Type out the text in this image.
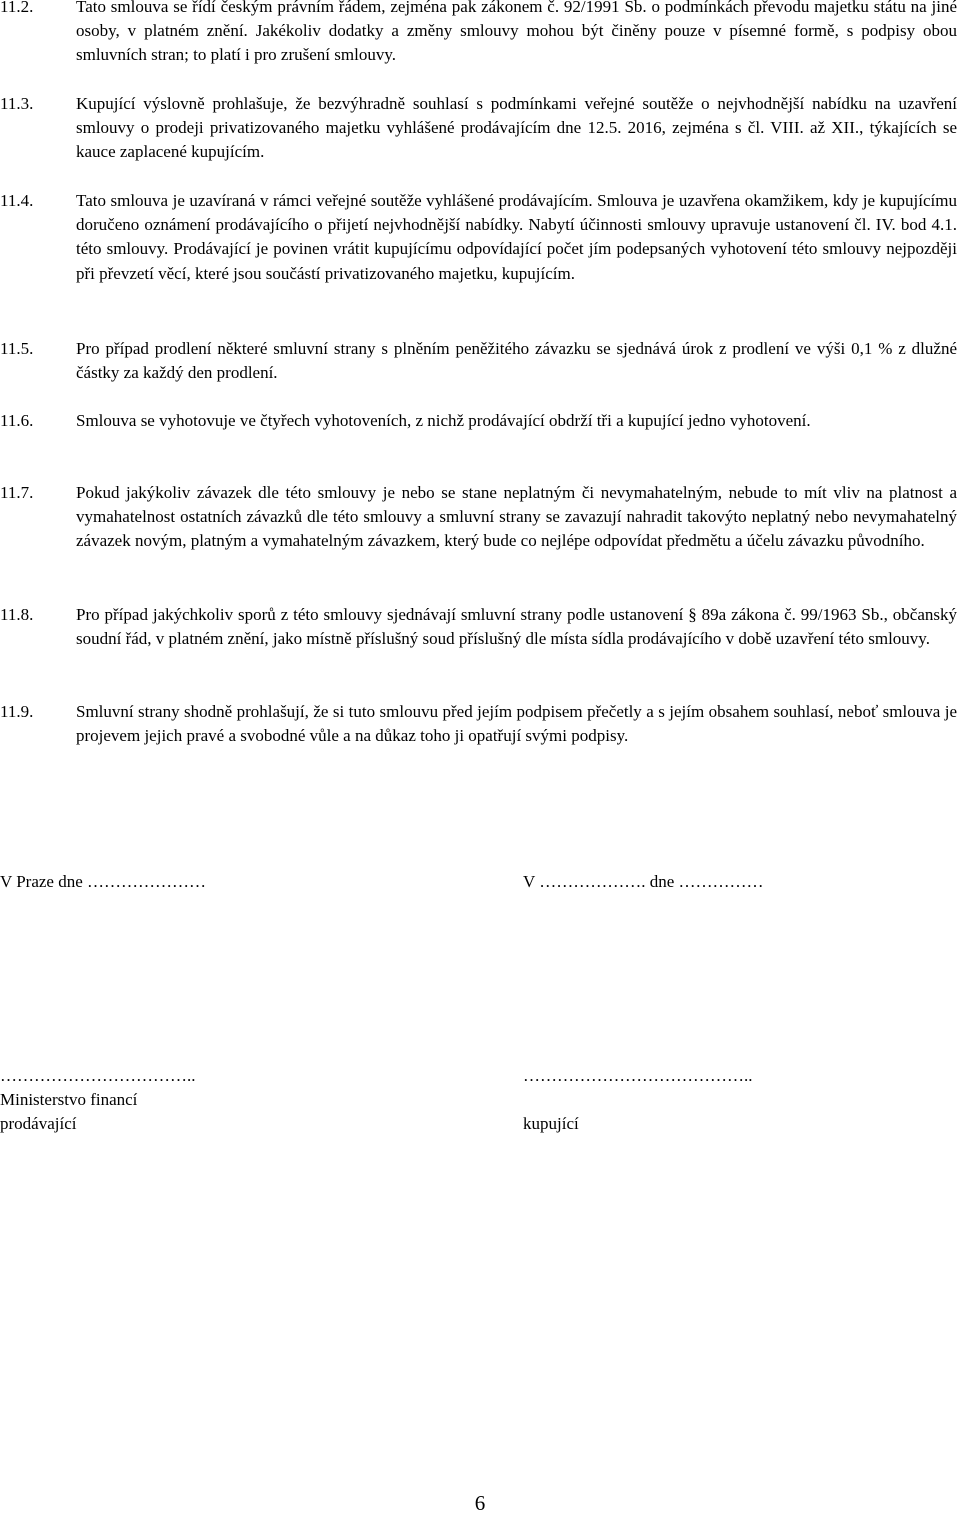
11.2.	Tato smlouva se řídí českým právním řádem, zejména pak zákonem č. 92/1991 Sb. o podmínkách převodu majetku státu na jiné osoby, v platném znění. Jakékoliv dodatky a změny smlouvy mohou být činěny pouze v písemné formě, s podpisy obou smluvních stran; to platí i pro zrušení smlouvy.
11.3.	Kupující výslovně prohlašuje, že bezvýhradně souhlasí s podmínkami veřejné soutěže o nejvhodnější nabídku na uzavření smlouvy o prodeji privatizovaného majetku vyhlášené prodávajícím dne 12.5. 2016, zejména s čl. VIII. až XII., týkajících se kauce zaplacené kupujícím.
11.4.	Tato smlouva je uzavíraná v rámci veřejné soutěže vyhlášené prodávajícím. Smlouva je uzavřena okamžikem, kdy je kupujícímu doručeno oznámení prodávajícího o přijetí nejvhodnější nabídky. Nabytí účinnosti smlouvy upravuje ustanovení čl. IV. bod 4.1. této smlouvy. Prodávající je povinen vrátit kupujícímu odpovídající počet jím podepsaných vyhotovení této smlouvy nejpozději při převzetí věcí, které jsou součástí privatizovaného majetku, kupujícím.
11.5.	Pro případ prodlení některé smluvní strany s plněním peněžitého závazku se sjednává úrok z prodlení ve výši 0,1 % z dlužné částky za každý den prodlení.
11.6.	Smlouva se vyhotovuje ve čtyřech vyhotoveních, z nichž prodávající obdrží tři a kupující jedno vyhotovení.
11.7.	Pokud jakýkoliv závazek dle této smlouvy je nebo se stane neplatným či nevymahatelným, nebude to mít vliv na platnost a vymahatelnost ostatních závazků dle této smlouvy a smluvní strany se zavazují nahradit takovýto neplatný nebo nevymahatelný závazek novým, platným a vymahatelným závazkem, který bude co nejlépe odpovídat předmětu a účelu závazku původního.
11.8.	Pro případ jakýchkoliv sporů z této smlouvy sjednávají smluvní strany podle ustanovení § 89a zákona č. 99/1963 Sb., občanský soudní řád, v platném znění, jako místně příslušný soud příslušný dle místa sídla prodávajícího v době uzavření této smlouvy.
11.9.	Smluvní strany shodně prohlašují, že si tuto smlouvu před jejím podpisem přečetly a s jejím obsahem souhlasí, neboť smlouva je projevem jejich pravé a svobodné vůle a na důkaz toho ji opatřují svými podpisy.
V Praze dne …………………	V ………………. dne ……………
……………………………..	…………………………………..
Ministerstvo financí
prodávající	kupující
6
